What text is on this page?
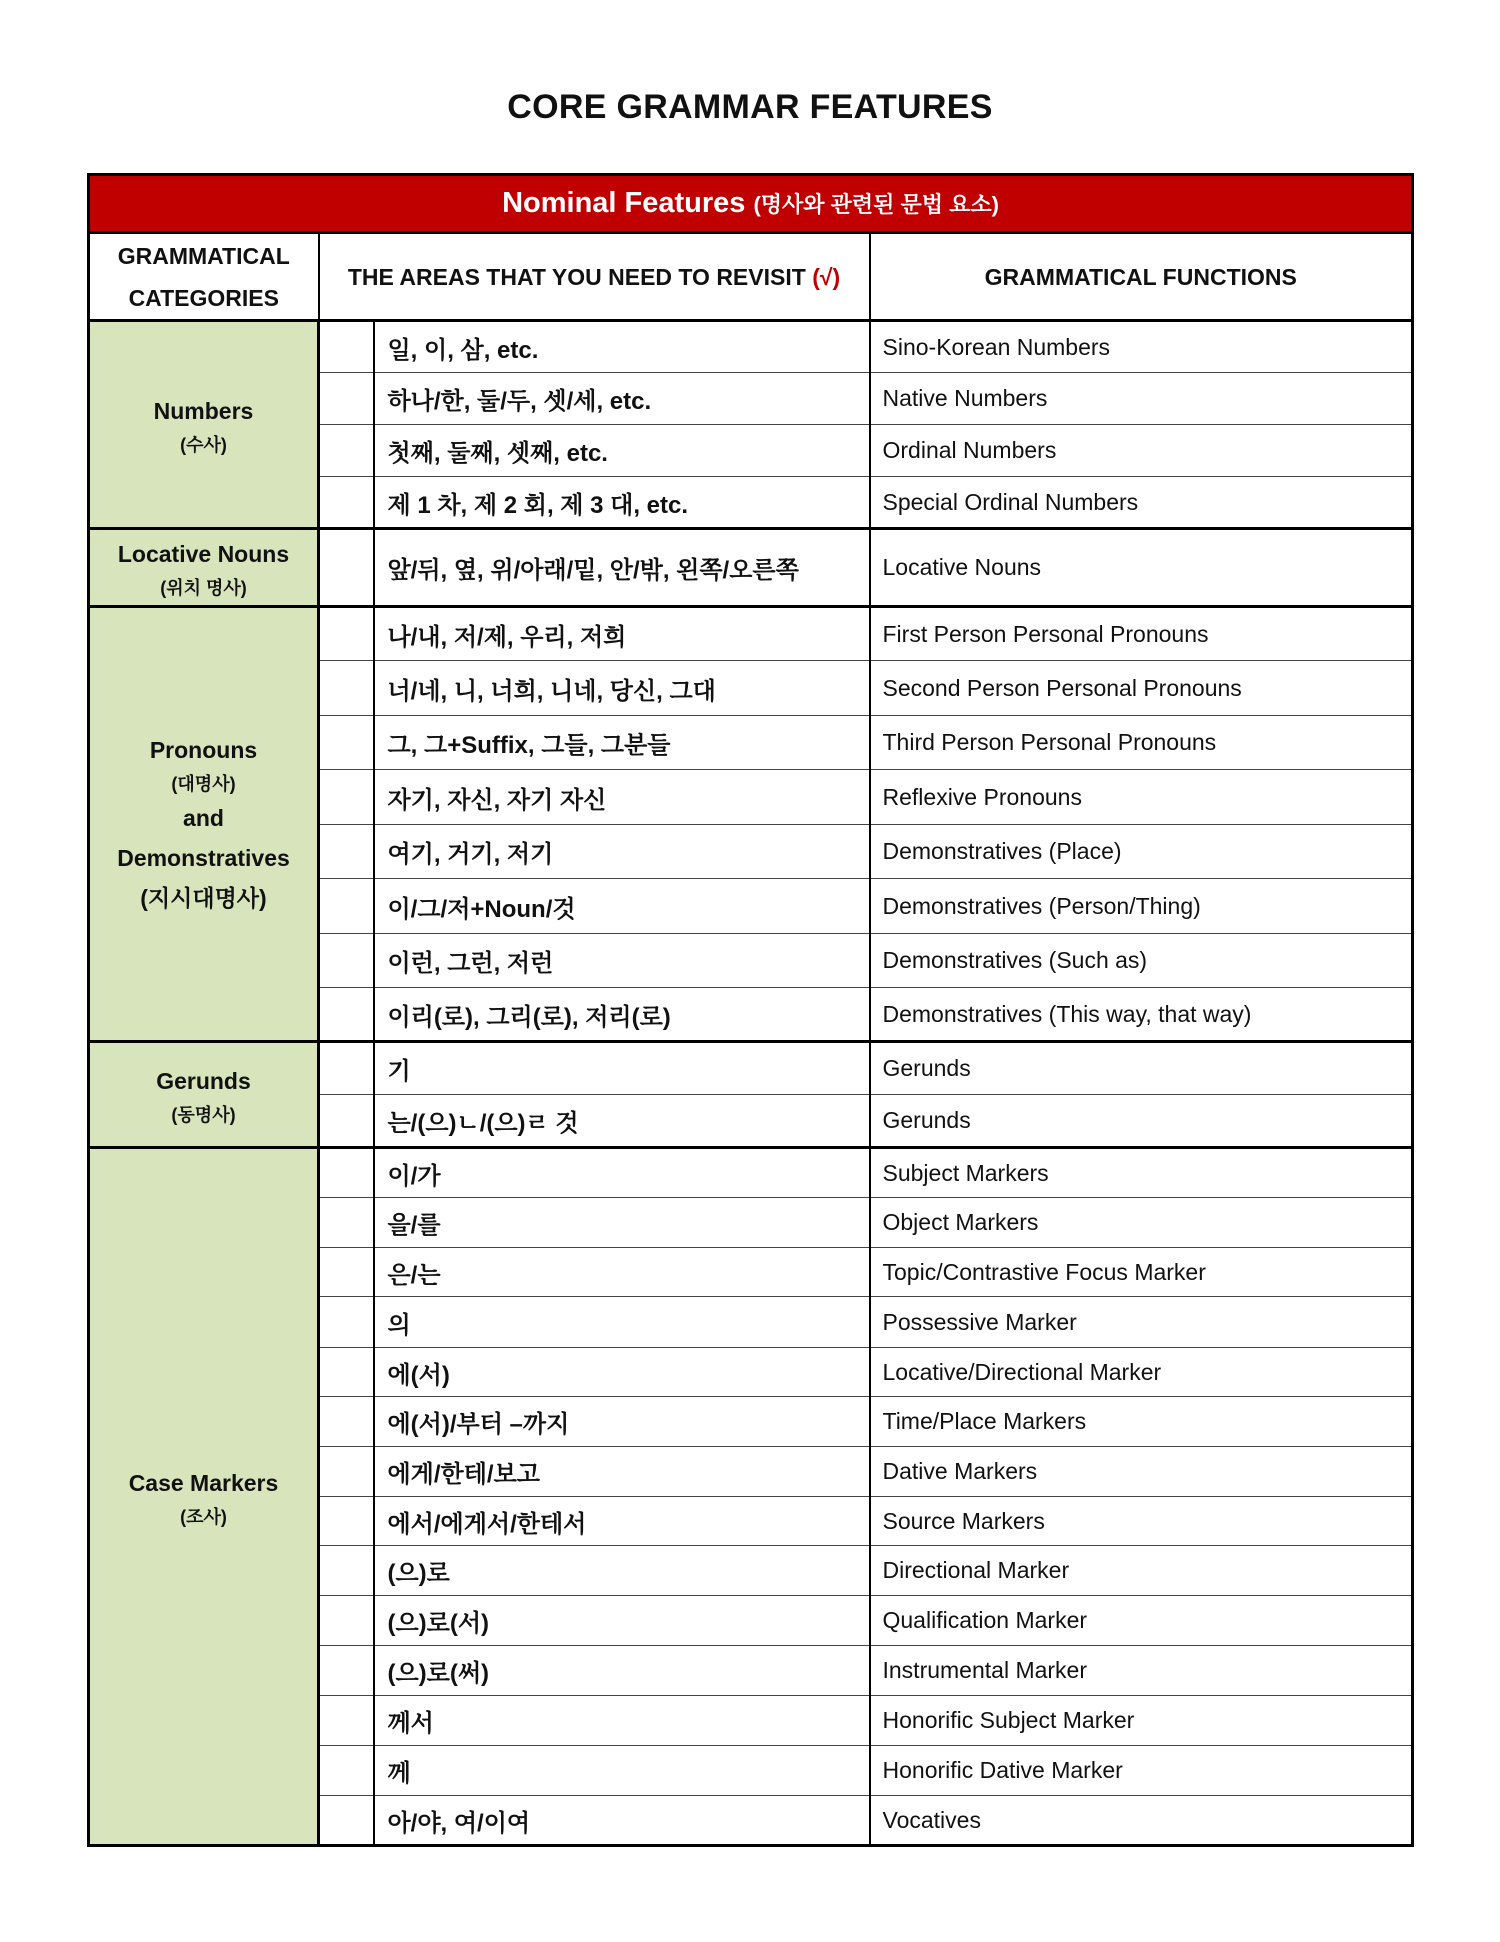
CORE GRAMMAR FEATURES
Nominal Features (명사와 관련된 문법 요소)			
GRAMMATICAL CATEGORIES	THE AREAS THAT YOU NEED TO REVISIT (√)		GRAMMATICAL FUNCTIONS

Numbers
(수사)		일, 이, 삼, etc.	Sino-Korean Numbers
		하나/한, 둘/두, 셋/세, etc.	Native Numbers
		첫째, 둘째, 셋째, etc.	Ordinal Numbers
		제 1 차, 제 2 회, 제 3 대, etc.	Special Ordinal Numbers

Locative Nouns
(위치 명사)		앞/뒤, 옆, 위/아래/밑, 안/밖, 왼쪽/오른쪽	Locative Nouns

Pronouns
(대명사)
and
Demonstratives
(지시대명사)		나/내, 저/제, 우리, 저희	First Person Personal Pronouns
		너/네, 니, 너희, 니네, 당신, 그대	Second Person Personal Pronouns
		그, 그+Suffix, 그들, 그분들	Third Person Personal Pronouns
		자기, 자신, 자기 자신	Reflexive Pronouns
		여기, 거기, 저기	Demonstratives (Place)
		이/그/저+Noun/것	Demonstratives (Person/Thing)
		이런, 그런, 저런	Demonstratives (Such as)
		이리(로), 그리(로), 저리(로)	Demonstratives (This way, that way)

Gerunds
(동명사)		기	Gerunds
		는/(으)ㄴ/(으)ㄹ 것	Gerunds

Case Markers
(조사)		이/가	Subject Markers
		을/를	Object Markers
		은/는	Topic/Contrastive Focus Marker
		의	Possessive Marker
		에(서)	Locative/Directional Marker
		에(서)/부터 –까지	Time/Place Markers
		에게/한테/보고	Dative Markers
		에서/에게서/한테서	Source Markers
		(으)로	Directional Marker
		(으)로(서)	Qualification Marker
		(으)로(써)	Instrumental Marker
		께서	Honorific Subject Marker
		께	Honorific Dative Marker
		아/야, 여/이여	Vocatives
